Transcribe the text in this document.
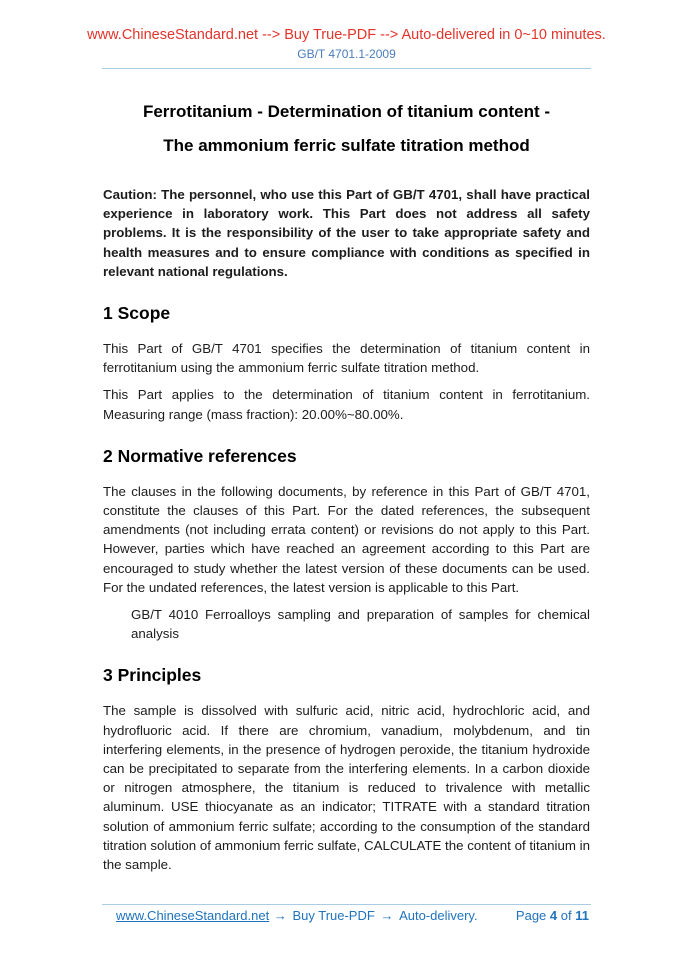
www.ChineseStandard.net --> Buy True-PDF --> Auto-delivered in 0~10 minutes.
GB/T 4701.1-2009
Ferrotitanium - Determination of titanium content -
The ammonium ferric sulfate titration method

Caution: The personnel, who use this Part of GB/T 4701, shall have practical experience in laboratory work. This Part does not address all safety problems. It is the responsibility of the user to take appropriate safety and health measures and to ensure compliance with conditions as specified in relevant national regulations.

1 Scope

This Part of GB/T 4701 specifies the determination of titanium content in ferrotitanium using the ammonium ferric sulfate titration method.

This Part applies to the determination of titanium content in ferrotitanium. Measuring range (mass fraction): 20.00%~80.00%.

2 Normative references

The clauses in the following documents, by reference in this Part of GB/T 4701, constitute the clauses of this Part. For the dated references, the subsequent amendments (not including errata content) or revisions do not apply to this Part. However, parties which have reached an agreement according to this Part are encouraged to study whether the latest version of these documents can be used. For the undated references, the latest version is applicable to this Part.

GB/T 4010 Ferroalloys sampling and preparation of samples for chemical analysis

3 Principles

The sample is dissolved with sulfuric acid, nitric acid, hydrochloric acid, and hydrofluoric acid. If there are chromium, vanadium, molybdenum, and tin interfering elements, in the presence of hydrogen peroxide, the titanium hydroxide can be precipitated to separate from the interfering elements. In a carbon dioxide or nitrogen atmosphere, the titanium is reduced to trivalence with metallic aluminum. USE thiocyanate as an indicator; TITRATE with a standard titration solution of ammonium ferric sulfate; according to the consumption of the standard titration solution of ammonium ferric sulfate, CALCULATE the content of titanium in the sample.

www.ChineseStandard.net → Buy True-PDF → Auto-delivery.	Page 4 of 11
